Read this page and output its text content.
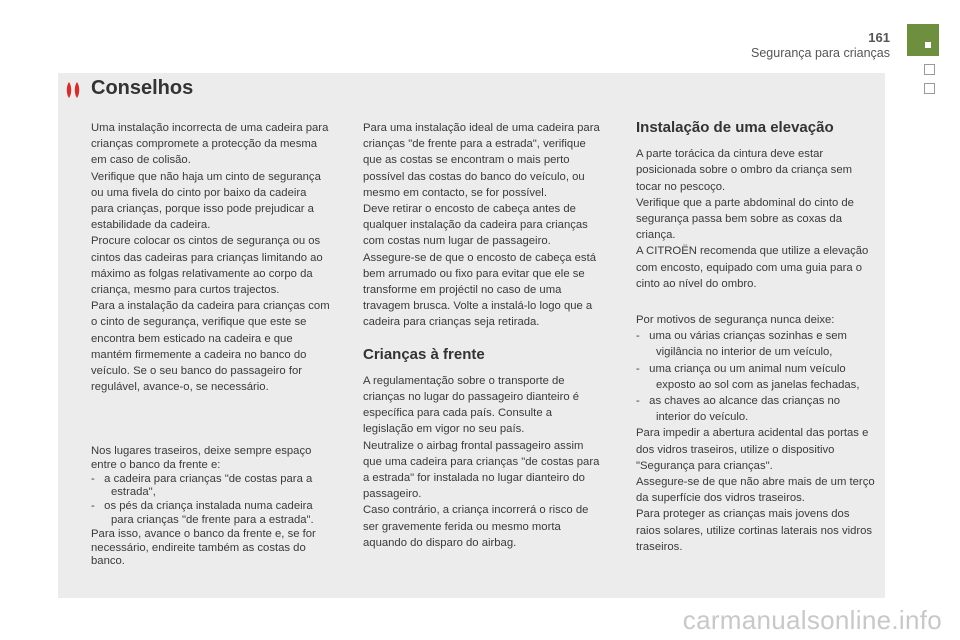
161
Segurança para crianças
Conselhos

Uma instalação incorrecta de uma cadeira para crianças compromete a protecção da mesma em caso de colisão.

Verifique que não haja um cinto de segurança ou uma fivela do cinto por baixo da cadeira para crianças, porque isso pode prejudicar a estabilidade da cadeira.

Procure colocar os cintos de segurança ou os cintos das cadeiras para crianças limitando ao máximo as folgas relativamente ao corpo da criança, mesmo para curtos trajectos.

Para a instalação da cadeira para crianças com o cinto de segurança, verifique que este se encontra bem esticado na cadeira e que mantém firmemente a cadeira no banco do veículo. Se o seu banco do passageiro for regulável, avance-o, se necessário.

Nos lugares traseiros, deixe sempre espaço entre o banco da frente e:

-   a cadeira para crianças "de costas para a estrada",

-   os pés da criança instalada numa cadeira para crianças "de frente para a estrada".

Para isso, avance o banco da frente e, se for necessário, endireite também as costas do banco.

Para uma instalação ideal de uma cadeira para crianças "de frente para a estrada", verifique que as costas se encontram o mais perto possível das costas do banco do veículo, ou mesmo em contacto, se for possível.

Deve retirar o encosto de cabeça antes de qualquer instalação da cadeira para crianças com costas num lugar de passageiro.

Assegure-se de que o encosto de cabeça está bem arrumado ou fixo para evitar que ele se transforme em projéctil no caso de uma travagem brusca. Volte a instalá-lo logo que a cadeira para crianças seja retirada.

Crianças à frente

A regulamentação sobre o transporte de crianças no lugar do passageiro dianteiro é específica para cada país. Consulte a legislação em vigor no seu país.

Neutralize o airbag frontal passageiro assim que uma cadeira para crianças "de costas para a estrada" for instalada no lugar dianteiro do passageiro.

Caso contrário, a criança incorrerá o risco de ser gravemente ferida ou mesmo morta aquando do disparo do airbag.

Instalação de uma elevação

A parte torácica da cintura deve estar posicionada sobre o ombro da criança sem tocar no pescoço.

Verifique que a parte abdominal do cinto de segurança passa bem sobre as coxas da criança.

A CITROËN recomenda que utilize a elevação com encosto, equipado com uma guia para o cinto ao nível do ombro.

Por motivos de segurança nunca deixe:

-   uma ou várias crianças sozinhas e sem vigilância no interior de um veículo,

-   uma criança ou um animal num veículo exposto ao sol com as janelas fechadas,

-   as chaves ao alcance das crianças no interior do veículo.

Para impedir a abertura acidental das portas e dos vidros traseiros, utilize o dispositivo "Segurança para crianças".

Assegure-se de que não abre mais de um terço da superfície dos vidros traseiros.

Para proteger as crianças mais jovens dos raios solares, utilize cortinas laterais nos vidros traseiros.

carmanualsonline.info
